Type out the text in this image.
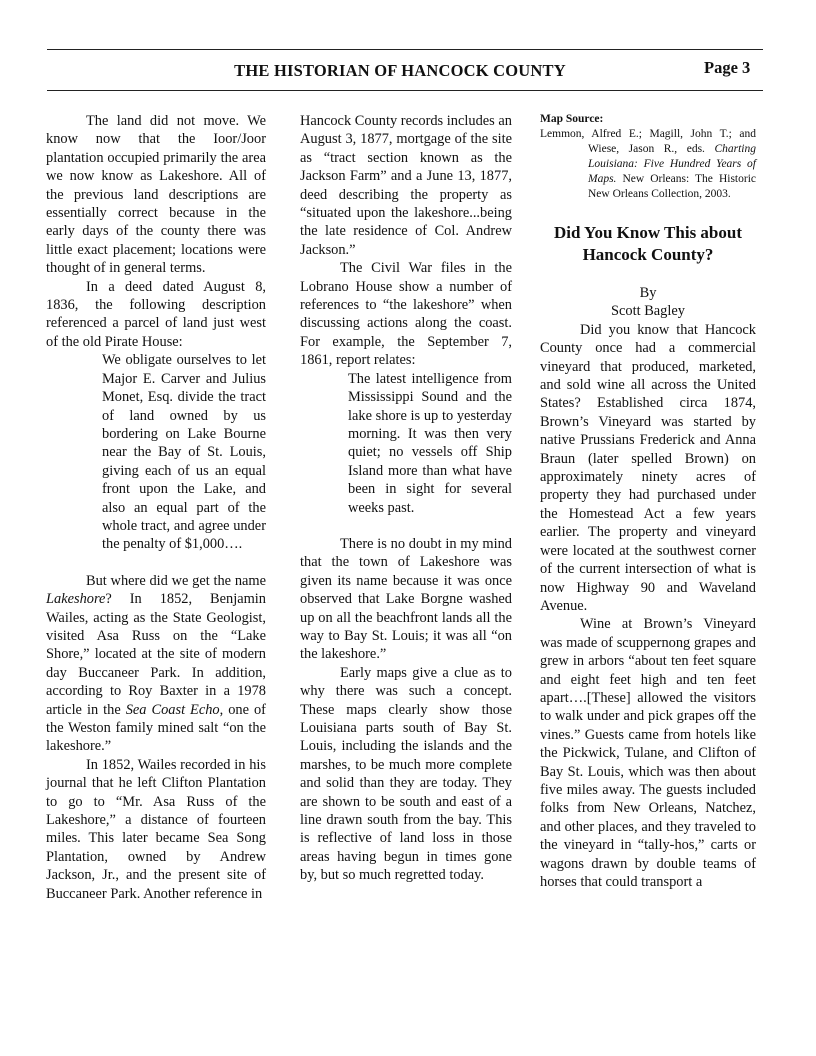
THE HISTORIAN OF HANCOCK COUNTY	Page 3

The land did not move. We know now that the Ioor/Joor plantation occupied primarily the area we now know as Lakeshore. All of the previous land descriptions are essentially correct because in the early days of the county there was little exact placement; locations were thought of in general terms.

In a deed dated August 8, 1836, the following description referenced a parcel of land just west of the old Pirate House:

We obligate ourselves to let Major E. Carver and Julius Monet, Esq. divide the tract of land owned by us bordering on Lake Bourne near the Bay of St. Louis, giving each of us an equal front upon the Lake, and also an equal part of the whole tract, and agree under the penalty of $1,000….

But where did we get the name Lakeshore? In 1852, Benjamin Wailes, acting as the State Geologist, visited Asa Russ on the “Lake Shore,” located at the site of modern day Buccaneer Park. In addition, according to Roy Baxter in a 1978 article in the Sea Coast Echo, one of the Weston family mined salt “on the lakeshore.”

In 1852, Wailes recorded in his journal that he left Clifton Plantation to go to “Mr. Asa Russ of the Lakeshore,” a distance of fourteen miles. This later became Sea Song Plantation, owned by Andrew Jackson, Jr., and the present site of Buccaneer Park. Another reference in

Hancock County records includes an August 3, 1877, mortgage of the site as “tract section known as the Jackson Farm” and a June 13, 1877, deed describing the property as “situated upon the lakeshore...being the late residence of Col. Andrew Jackson.”

The Civil War files in the Lobrano House show a number of references to “the lakeshore” when discussing actions along the coast. For example, the September 7, 1861, report relates:

The latest intelligence from Mississippi Sound and the lake shore is up to yesterday morning. It was then very quiet; no vessels off Ship Island more than what have been in sight for several weeks past.

There is no doubt in my mind that the town of Lakeshore was given its name because it was once observed that Lake Borgne washed up on all the beachfront lands all the way to Bay St. Louis; it was all “on the lakeshore.”

Early maps give a clue as to why there was such a concept. These maps clearly show those Louisiana parts south of Bay St. Louis, including the islands and the marshes, to be much more complete and solid than they are today. They are shown to be south and east of a line drawn south from the bay. This is reflective of land loss in those areas having begun in times gone by, but so much regretted today.

Map Source:
Lemmon, Alfred E.; Magill, John T.; and Wiese, Jason R., eds. Charting Louisiana: Five Hundred Years of Maps. New Orleans: The Historic New Orleans Collection, 2003.
Did You Know This about Hancock County?
By
Scott Bagley

Did you know that Hancock County once had a commercial vineyard that produced, marketed, and sold wine all across the United States? Established circa 1874, Brown’s Vineyard was started by native Prussians Frederick and Anna Braun (later spelled Brown) on approximately ninety acres of property they had purchased under the Homestead Act a few years earlier. The property and vineyard were located at the southwest corner of the current intersection of what is now Highway 90 and Waveland Avenue.

Wine at Brown’s Vineyard was made of scuppernong grapes and grew in arbors “about ten feet square and eight feet high and ten feet apart….[These] allowed the visitors to walk under and pick grapes off the vines.” Guests came from hotels like the Pickwick, Tulane, and Clifton of Bay St. Louis, which was then about five miles away. The guests included folks from New Orleans, Natchez, and other places, and they traveled to the vineyard in “tally-hos,” carts or wagons drawn by double teams of horses that could transport a
